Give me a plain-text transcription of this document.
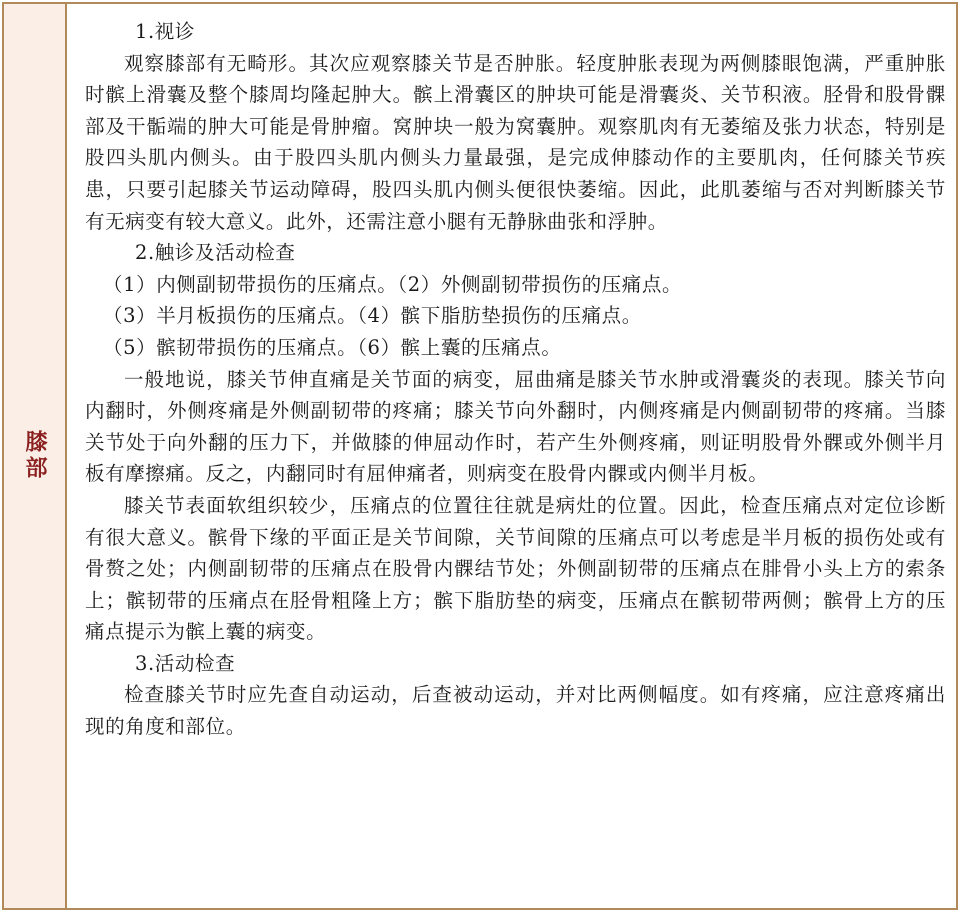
膝部

1.视诊

观察膝部有无畸形。其次应观察膝关节是否肿胀。轻度肿胀表现为两侧膝眼饱满，严重肿胀时髌上滑囊及整个膝周均隆起肿大。髌上滑囊区的肿块可能是滑囊炎、关节积液。胫骨和股骨髁部及干骺端的肿大可能是骨肿瘤。窝肿块一般为窝囊肿。观察肌肉有无萎缩及张力状态，特别是股四头肌内侧头。由于股四头肌内侧头力量最强，是完成伸膝动作的主要肌肉，任何膝关节疾患，只要引起膝关节运动障碍，股四头肌内侧头便很快萎缩。因此，此肌萎缩与否对判断膝关节有无病变有较大意义。此外，还需注意小腿有无静脉曲张和浮肿。

2.触诊及活动检查

（1）内侧副韧带损伤的压痛点。（2）外侧副韧带损伤的压痛点。

（3）半月板损伤的压痛点。（4）髌下脂肪垫损伤的压痛点。

（5）髌韧带损伤的压痛点。（6）髌上囊的压痛点。

一般地说，膝关节伸直痛是关节面的病变，屈曲痛是膝关节水肿或滑囊炎的表现。膝关节向内翻时，外侧疼痛是外侧副韧带的疼痛；膝关节向外翻时，内侧疼痛是内侧副韧带的疼痛。当膝关节处于向外翻的压力下，并做膝的伸屈动作时，若产生外侧疼痛，则证明股骨外髁或外侧半月板有摩擦痛。反之，内翻同时有屈伸痛者，则病变在股骨内髁或内侧半月板。

膝关节表面软组织较少，压痛点的位置往往就是病灶的位置。因此，检查压痛点对定位诊断有很大意义。髌骨下缘的平面正是关节间隙，关节间隙的压痛点可以考虑是半月板的损伤处或有骨赘之处；内侧副韧带的压痛点在股骨内髁结节处；外侧副韧带的压痛点在腓骨小头上方的索条上；髌韧带的压痛点在胫骨粗隆上方；髌下脂肪垫的病变，压痛点在髌韧带两侧；髌骨上方的压痛点提示为髌上囊的病变。

3.活动检查

检查膝关节时应先查自动运动，后查被动运动，并对比两侧幅度。如有疼痛，应注意疼痛出现的角度和部位。
